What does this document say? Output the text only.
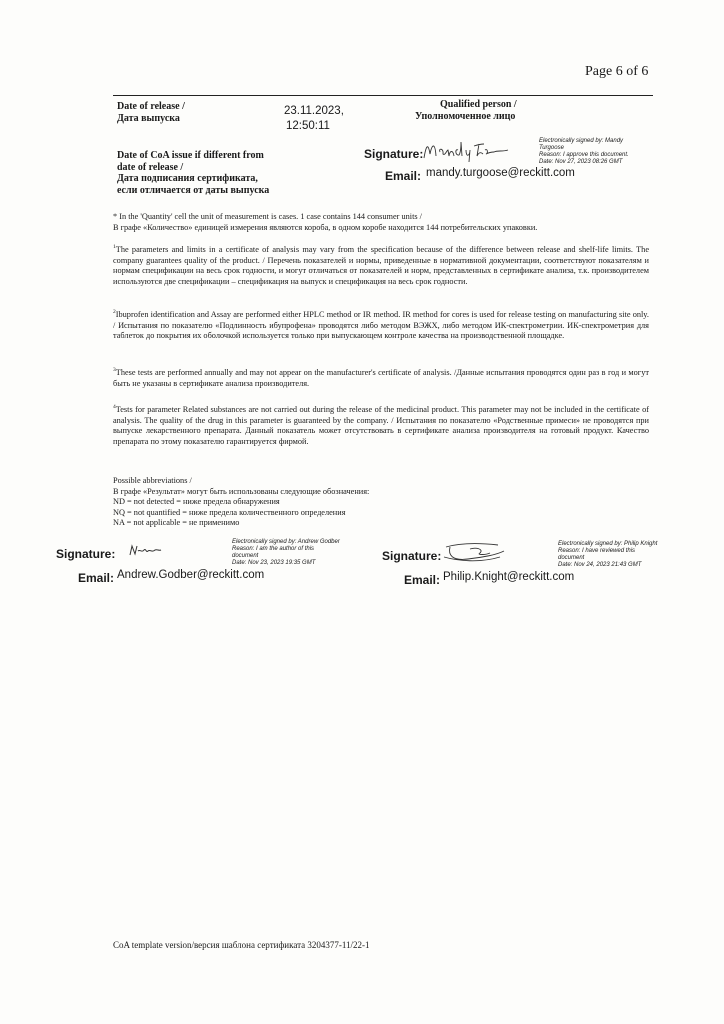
Page 6 of 6
Date of release /
Дата выпуска
23.11.2023,
12:50:11
Qualified person /
Уполномоченное лицо
Date of CoA issue if different from
date of release /
Дата подписания сертификата,
если отличается от даты выпуска
Signature:
Electronically signed by: Mandy
Turgoose
Reason: I approve this document.
Date: Nov 27, 2023 08:26 GMT
Email: mandy.turgoose@reckitt.com

* In the 'Quantity' cell the unit of measurement is cases. 1 case contains 144 consumer units /

В графе «Количество» единицей измерения являются короба, в одном коробе находится 144 потребительских упаковки.

$^1$The parameters and limits in a certificate of analysis may vary from the specification because of the difference between release and shelf-life limits. The company guarantees quality of the product. / Перечень показателей и нормы, приведенные в нормативной документации, соответствуют показателям и нормам спецификации на весь срок годности, и могут отличаться от показателей и норм, представленных в сертификате анализа, т.к. производителем используются две спецификации – спецификация на выпуск и спецификация на весь срок годности.

$^2$Ibuprofen identification and Assay are performed either HPLC method or IR method. IR method for cores is used for release testing on manufacturing site only. / Испытания по показателю «Подлинность ибупрофена» проводятся либо методом ВЭЖХ, либо методом ИК-спектрометрии. ИК-спектрометрия для таблеток до покрытия их оболочкой используется только при выпускающем контроле качества на производственной площадке.

$^3$These tests are performed annually and may not appear on the manufacturer's certificate of analysis. /Данные испытания проводятся один раз в год и могут быть не указаны в сертификате анализа производителя.

$^4$Tests for parameter Related substances are not carried out during the release of the medicinal product. This parameter may not be included in the certificate of analysis. The quality of the drug in this parameter is guaranteed by the company. / Испытания по показателю «Родственные примеси» не проводятся при выпуске лекарственного препарата. Данный показатель может отсутствовать в сертификате анализа производителя на готовый продукт. Качество препарата по этому показателю гарантируется фирмой.

Possible abbreviations /
В графе «Результат» могут быть использованы следующие обозначения:
ND = not detected = ниже предела обнаружения
NQ = not quantified = ниже предела количественного определения
NA = not applicable = не применимо
Signature:
Electronically signed by: Andrew Godber
Reason: I am the author of this
document
Date: Nov 23, 2023 19:35 GMT
Email: Andrew.Godber@reckitt.com
Signature:
Electronically signed by: Philip Knight
Reason: I have reviewed this
document
Date: Nov 24, 2023 21:43 GMT
Email: Philip.Knight@reckitt.com
CoA template version/версия шаблона сертификата 3204377-11/22-1
